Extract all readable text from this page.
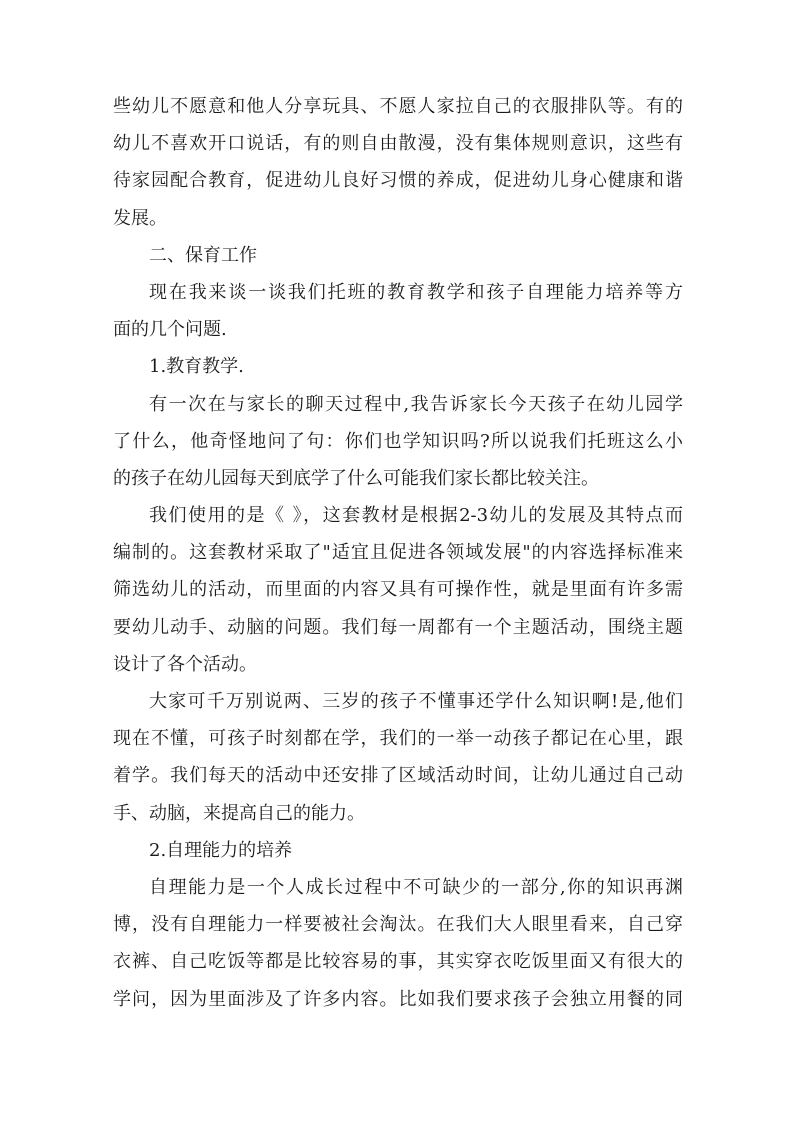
些幼儿不愿意和他人分享玩具、不愿人家拉自己的衣服排队等。有的
幼儿不喜欢开口说话，有的则自由散漫，没有集体规则意识，这些有
待家园配合教育，促进幼儿良好习惯的养成，促进幼儿身心健康和谐
发展。
二、保育工作
现在我来谈一谈我们托班的教育教学和孩子自理能力培养等方
面的几个问题.
1.教育教学.
有一次在与家长的聊天过程中,我告诉家长今天孩子在幼儿园学
了什么，他奇怪地问了句：你们也学知识吗?所以说我们托班这么小
的孩子在幼儿园每天到底学了什么可能我们家长都比较关注。
我们使用的是《 》，这套教材是根据2-3幼儿的发展及其特点而
编制的。这套教材采取了"适宜且促进各领域发展"的内容选择标准来
筛选幼儿的活动，而里面的内容又具有可操作性，就是里面有许多需
要幼儿动手、动脑的问题。我们每一周都有一个主题活动，围绕主题
设计了各个活动。
大家可千万别说两、三岁的孩子不懂事还学什么知识啊!是,他们
现在不懂，可孩子时刻都在学，我们的一举一动孩子都记在心里，跟
着学。我们每天的活动中还安排了区域活动时间，让幼儿通过自己动
手、动脑，来提高自己的能力。
2.自理能力的培养
自理能力是一个人成长过程中不可缺少的一部分,你的知识再渊
博，没有自理能力一样要被社会淘汰。在我们大人眼里看来，自己穿
衣裤、自己吃饭等都是比较容易的事，其实穿衣吃饭里面又有很大的
学问，因为里面涉及了许多内容。比如我们要求孩子会独立用餐的同
